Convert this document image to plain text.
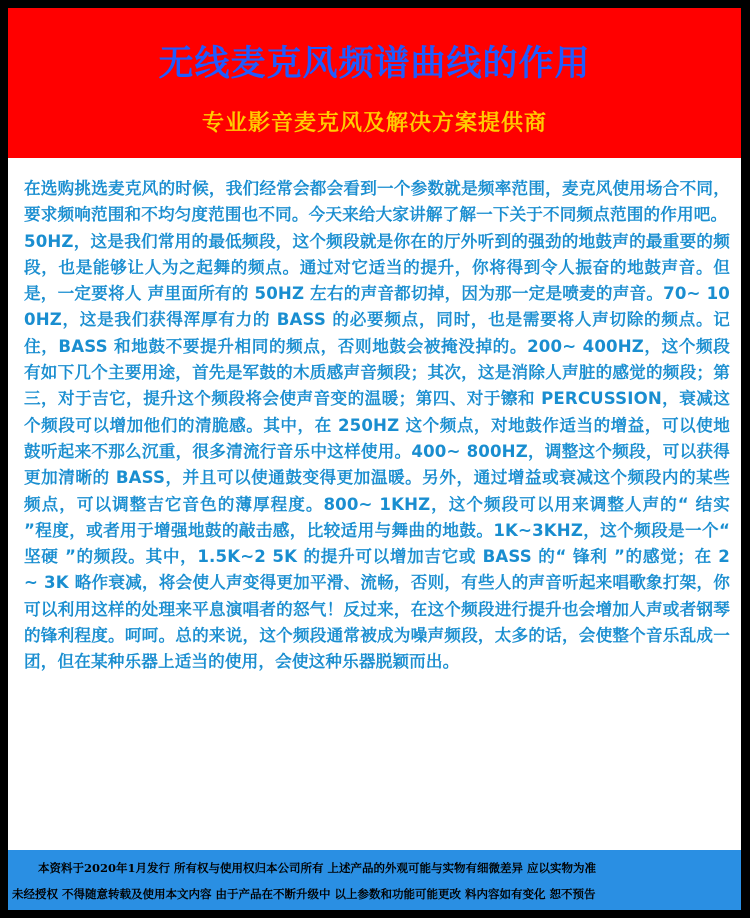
无线麦克风频谱曲线的作用
专业影音麦克风及解决方案提供商

在选购挑选麦克风的时候，我们经常会都会看到一个参数就是频率范围，麦克风使用场合不同，要求频响范围和不均匀度范围也不同。今天来给大家讲解了解一下关于不同频点范围的作用吧。

50HZ，这是我们常用的最低频段，这个频段就是你在的厅外听到的强劲的地鼓声的最重要的频段，也是能够让人为之起舞的频点。通过对它适当的提升，你将得到令人振奋的地鼓声音。但是，一定要将人 声里面所有的 50HZ 左右的声音都切掉，因为那一定是喷麦的声音。70~ 100HZ，这是我们获得浑厚有力的 BASS 的必要频点，同时，也是需要将人声切除的频点。记住，BASS 和地鼓不要提升相同的频点，否则地鼓会被掩没掉的。200~ 400HZ，这个频段有如下几个主要用途，首先是军鼓的木质感声音频段；其次，这是消除人声脏的感觉的频段；第三，对于吉它，提升这个频段将会使声音变的温暖；第四、对于镲和 PERCUSSION，衰减这个频段可以增加他们的清脆感。其中，在 250HZ 这个频点，对地鼓作适当的增益，可以使地鼓听起来不那么沉重，很多清流行音乐中这样使用。400~ 800HZ，调整这个频段，可以获得更加清晰的 BASS，并且可以使通鼓变得更加温暖。另外，通过增益或衰减这个频段内的某些频点，可以调整吉它音色的薄厚程度。800~ 1KHZ，这个频段可以用来调整人声的“ 结实 ”程度，或者用于增强地鼓的敲击感，比较适用与舞曲的地鼓。1K~3KHZ，这个频段是一个“ 坚硬 ”的频段。其中，1.5K~2 5K 的提升可以增加吉它或 BASS 的“ 锋利 ”的感觉；在 2 ~ 3K 略作衰减，将会使人声变得更加平滑、流畅，否则，有些人的声音听起来唱歌象打架，你可以利用这样的处理来平息演唱者的怒气！反过来，在这个频段进行提升也会增加人声或者钢琴的锋利程度。呵呵。总的来说，这个频段通常被成为噪声频段，太多的话，会使整个音乐乱成一团，但在某种乐器上适当的使用，会使这种乐器脱颖而出。

本资料于2020年1月发行 所有权与使用权归本公司所有 上述产品的外观可能与实物有细微差异 应以实物为准
未经授权 不得随意转载及使用本文内容 由于产品在不断升级中 以上参数和功能可能更改 料内容如有变化 恕不预告
